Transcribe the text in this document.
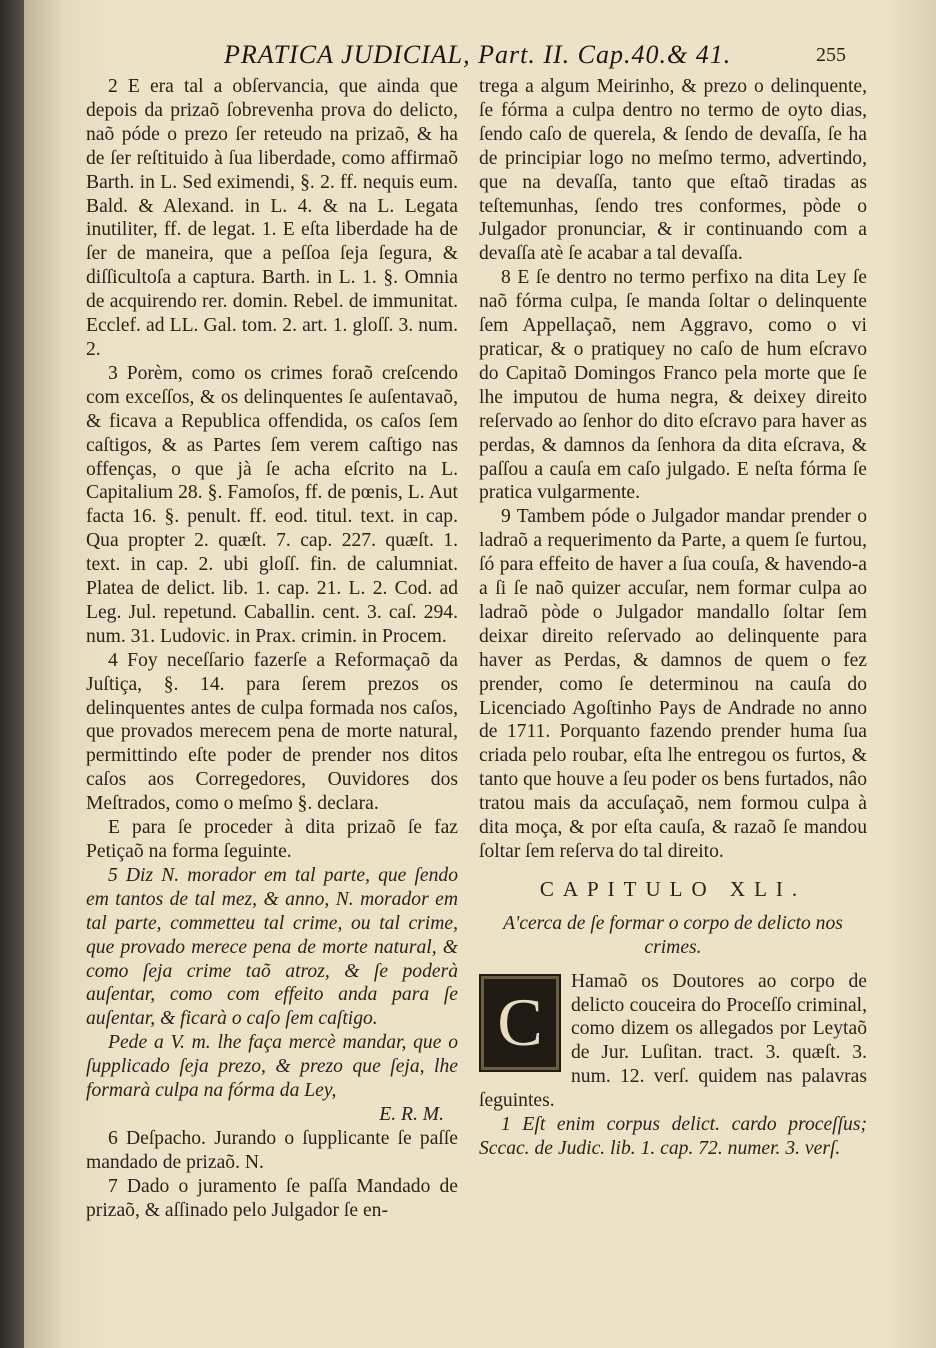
PRATICA JUDICIAL, Part. II. Cap.40.& 41.	255

2 E era tal a obſervancia, que ainda que depois da prizaõ ſobrevenha prova do delicto, naõ póde o prezo ſer reteudo na prizaõ, & ha de ſer reſtituido à ſua liberdade, como affirmaõ Barth. in L. Sed eximendi, §. 2. ff. nequis eum. Bald. & Alexand. in L. 4. & na L. Legata inutiliter, ff. de legat. 1. E eſta liberdade ha de ſer de maneira, que a peſſoa ſeja ſegura, & diſſicultoſa a captura. Barth. in L. 1. §. Omnia de acquirendo rer. domin. Rebel. de immunitat. Ecclef. ad LL. Gal. tom. 2. art. 1. gloſſ. 3. num. 2.

3 Porèm, como os crimes foraõ creſcendo com exceſſos, & os delinquentes ſe auſentavaõ, & ficava a Republica offendida, os caſos ſem caſtigos, & as Partes ſem verem caſtigo nas offenças, o que jà ſe acha eſcrito na L. Capitalium 28. §. Famoſos, ff. de pœnis, L. Aut facta 16. §. penult. ff. eod. titul. text. in cap. Qua propter 2. quæſt. 7. cap. 227. quæſt. 1. text. in cap. 2. ubi gloſſ. fin. de calumniat. Platea de delict. lib. 1. cap. 21. L. 2. Cod. ad Leg. Jul. repetund. Caballin. cent. 3. caſ. 294. num. 31. Ludovic. in Prax. crimin. in Procem.

4 Foy neceſſario fazerſe a Reformaçaõ da Juſtiça, §. 14. para ſerem prezos os delinquentes antes de culpa formada nos caſos, que provados merecem pena de morte natural, permittindo eſte poder de prender nos ditos caſos aos Corregedores, Ouvidores dos Meſtrados, como o meſmo §. declara.

E para ſe proceder à dita prizaõ ſe faz Petiçaõ na forma ſeguinte.

5 Diz N. morador em tal parte, que ſendo em tantos de tal mez, & anno, N. morador em tal parte, commetteu tal crime, ou tal crime, que provado merece pena de morte natural, & como ſeja crime taõ atroz, & ſe poderà auſentar, como com effeito anda para ſe auſentar, & ficarà o caſo ſem caſtigo.

Pede a V. m. lhe faça mercè mandar, que o ſupplicado ſeja prezo, & prezo que ſeja, lhe formarà culpa na fórma da Ley,

E. R. M.

6 Deſpacho. Jurando o ſupplicante ſe paſſe mandado de prizaõ. N.

7 Dado o juramento ſe paſſa Mandado de prizaõ, & aſſinado pelo Julgador ſe en-

trega a algum Meirinho, & prezo o delinquente, ſe fórma a culpa dentro no termo de oyto dias, ſendo caſo de querela, & ſendo de devaſſa, ſe ha de principiar logo no meſmo termo, advertindo, que na devaſſa, tanto que eſtaõ tiradas as teſtemunhas, ſendo tres conformes, pòde o Julgador pronunciar, & ir continuando com a devaſſa atè ſe acabar a tal devaſſa.

8 E ſe dentro no termo perfixo na dita Ley ſe naõ fórma culpa, ſe manda ſoltar o delinquente ſem Appellaçaõ, nem Aggravo, como o vi praticar, & o pratiquey no caſo de hum eſcravo do Capitaõ Domingos Franco pela morte que ſe lhe imputou de huma negra, & deixey direito reſervado ao ſenhor do dito eſcravo para haver as perdas, & damnos da ſenhora da dita eſcrava, & paſſou a cauſa em caſo julgado. E neſta fórma ſe pratica vulgarmente.

9 Tambem póde o Julgador mandar prender o ladraõ a requerimento da Parte, a quem ſe furtou, ſó para effeito de haver a ſua couſa, & havendo-a a ſi ſe naõ quizer accuſar, nem formar culpa ao ladraõ pòde o Julgador mandallo ſoltar ſem deixar direito reſervado ao delinquente para haver as Perdas, & damnos de quem o fez prender, como ſe determinou na cauſa do Licenciado Agoſtinho Pays de Andrade no anno de 1711. Porquanto fazendo prender huma ſua criada pelo roubar, eſta lhe entregou os furtos, & tanto que houve a ſeu poder os bens furtados, nâo tratou mais da accuſaçaõ, nem formou culpa à dita moça, & por eſta cauſa, & razaõ ſe mandou ſoltar ſem reſerva do tal direito.

CAPITULO XLI.
A'cerca de ſe formar o corpo de delicto nos crimes.
C

Hamaõ os Doutores ao corpo de delicto couceira do Proceſſo criminal, como dizem os allegados por Leytaõ de Jur. Luſitan. tract. 3. quæſt. 3. num. 12. verſ. quidem nas palavras ſeguintes.

1 Eſt enim corpus delict. cardo proceſſus; Sccac. de Judic. lib. 1. cap. 72. numer. 3. verſ.
